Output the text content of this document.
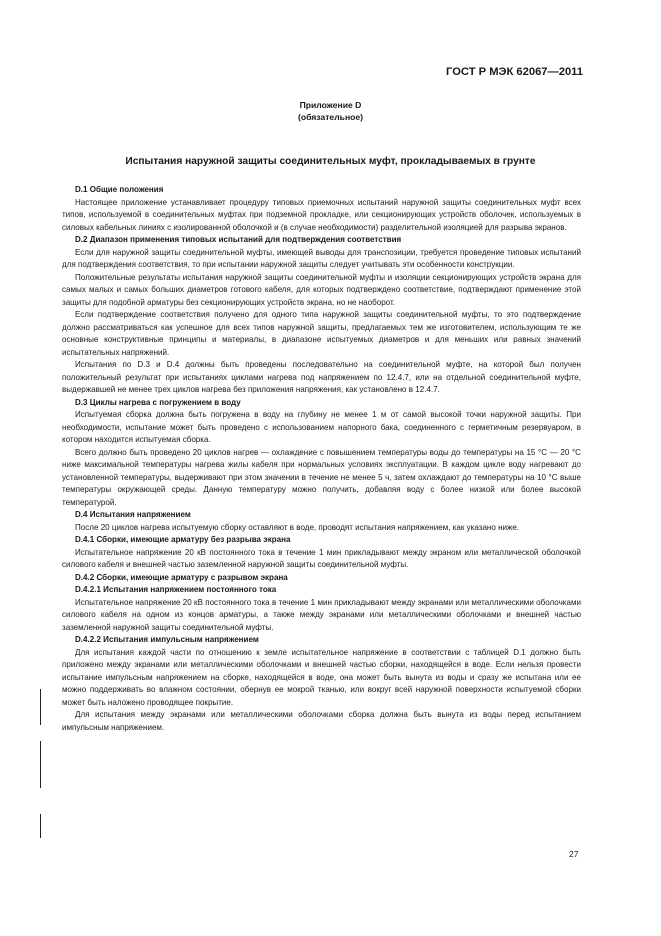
ГОСТ Р МЭК 62067—2011
Приложение D
(обязательное)
Испытания наружной защиты соединительных муфт, прокладываемых в грунте
D.1 Общие положения

Настоящее приложение устанавливает процедуру типовых приемочных испытаний наружной защиты соединительных муфт всех типов, используемой в соединительных муфтах при подземной прокладке, или секционирующих устройств оболочек, используемых в силовых кабельных линиях с изолированной оболочкой и (в случае необходимости) разделительной изоляцией для разрыва экранов.

D.2 Диапазон применения типовых испытаний для подтверждения соответствия

Если для наружной защиты соединительной муфты, имеющей выводы для транспозиции, требуется проведение типовых испытаний для подтверждения соответствия, то при испытании наружной защиты следует учитывать эти особенности конструкции.

Положительные результаты испытания наружной защиты соединительной муфты и изоляции секционирующих устройств экрана для самых малых и самых больших диаметров готового кабеля, для которых подтверждено соответствие, подтверждают применение этой защиты для подобной арматуры без секционирующих устройств экрана, но не наоборот.

Если подтверждение соответствия получено для одного типа наружной защиты соединительной муфты, то это подтверждение должно рассматриваться как успешное для всех типов наружной защиты, предлагаемых тем же изготовителем, использующим те же основные конструктивные принципы и материалы, в диапазоне испытуемых диаметров и для меньших или равных значений испытательных напряжений.

Испытания по D.3 и D.4 должны быть проведены последовательно на соединительной муфте, на которой был получен положительный результат при испытаниях циклами нагрева под напряжением по 12.4.7, или на отдельной соединительной муфте, выдержавшей не менее трех циклов нагрева без приложения напряжения, как установлено в 12.4.7.

D.3 Циклы нагрева с погружением в воду

Испытуемая сборка должна быть погружена в воду на глубину не менее 1 м от самой высокой точки наружной защиты. При необходимости, испытание может быть проведено с использованием напорного бака, соединенного с герметичным резервуаром, в котором находится испытуемая сборка.

Всего должно быть проведено 20 циклов нагрев — охлаждение с повышением температуры воды до температуры на 15 °С — 20 °С ниже максимальной температуры нагрева жилы кабеля при нормальных условиях эксплуатации. В каждом цикле воду нагревают до установленной температуры, выдерживают при этом значении в течение не менее 5 ч, затем охлаждают до температуры на 10 °С выше температуры окружающей среды. Данную температуру можно получить, добавляя воду с более низкой или более высокой температурой.

D.4 Испытания напряжением

После 20 циклов нагрева испытуемую сборку оставляют в воде, проводят испытания напряжением, как указано ниже.

D.4.1 Сборки, имеющие арматуру без разрыва экрана

Испытательное напряжение 20 кВ постоянного тока в течение 1 мин прикладывают между экраном или металлической оболочкой силового кабеля и внешней частью заземленной наружной защиты соединительной муфты.

D.4.2 Сборки, имеющие арматуру с разрывом экрана
D.4.2.1 Испытания напряжением постоянного тока

Испытательное напряжение 20 кВ постоянного тока в течение 1 мин прикладывают между экранами или металлическими оболочками силового кабеля на одном из концов арматуры, а также между экранами или металлическими оболочками и внешней частью заземленной наружной защиты соединительной муфты.

D.4.2.2 Испытания импульсным напряжением

Для испытания каждой части по отношению к земле испытательное напряжение в соответствии с таблицей D.1 должно быть приложено между экранами или металлическими оболочками и внешней частью сборки, находящейся в воде. Если нельзя провести испытание импульсным напряжением на сборке, находящейся в воде, она может быть вынута из воды и сразу же испытана или ее можно поддерживать во влажном состоянии, обернув ее мокрой тканью, или вокруг всей наружной поверхности испытуемой сборки может быть наложено проводящее покрытие.

Для испытания между экранами или металлическими оболочками сборка должна быть вынута из воды перед испытанием импульсным напряжением.

27
